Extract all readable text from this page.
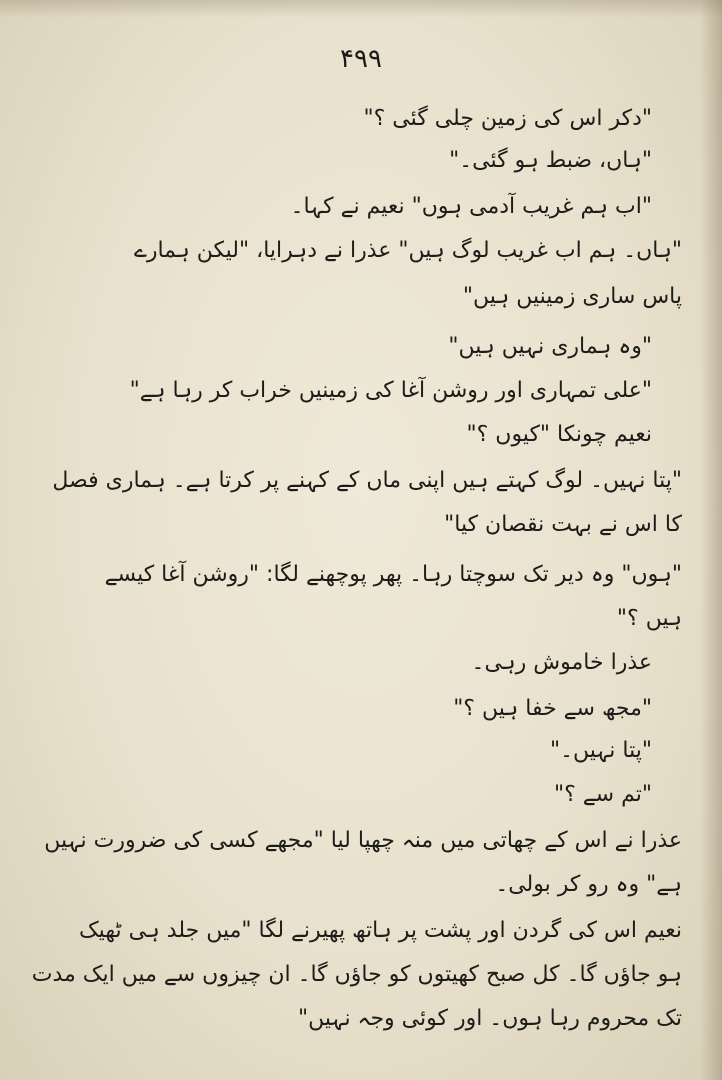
۴۹۹
"دکر اس کی زمین چلی گئی ؟"
"ہاں، ضبط ہو گئی۔"
"اب ہم غریب آدمی ہوں" نعیم نے کہا۔
"ہاں۔ ہم اب غریب لوگ ہیں" عذرا نے دہرایا، "لیکن ہمارے
پاس ساری زمینیں ہیں"
"وہ ہماری نہیں ہیں"
"علی تمہاری اور روشن آغا کی زمینیں خراب کر رہا ہے"
نعیم چونکا "کیوں ؟"
"پتا نہیں۔ لوگ کہتے ہیں اپنی ماں کے کہنے پر کرتا ہے۔ ہماری فصل
کا اس نے بہت نقصان کیا"
"ہوں" وہ دیر تک سوچتا رہا۔ پھر پوچھنے لگا: "روشن آغا کیسے
ہیں ؟"
عذرا خاموش رہی۔
"مجھ سے خفا ہیں ؟"
"پتا نہیں۔"
"تم سے ؟"
عذرا نے اس کے چھاتی میں منہ چھپا لیا "مجھے کسی کی ضرورت نہیں
ہے" وہ رو کر بولی۔
نعیم اس کی گردن اور پشت پر ہاتھ پھیرنے لگا "میں جلد ہی ٹھیک
ہو جاؤں گا۔ کل صبح کھیتوں کو جاؤں گا۔ ان چیزوں سے میں ایک مدت
تک محروم رہا ہوں۔ اور کوئی وجہ نہیں"
